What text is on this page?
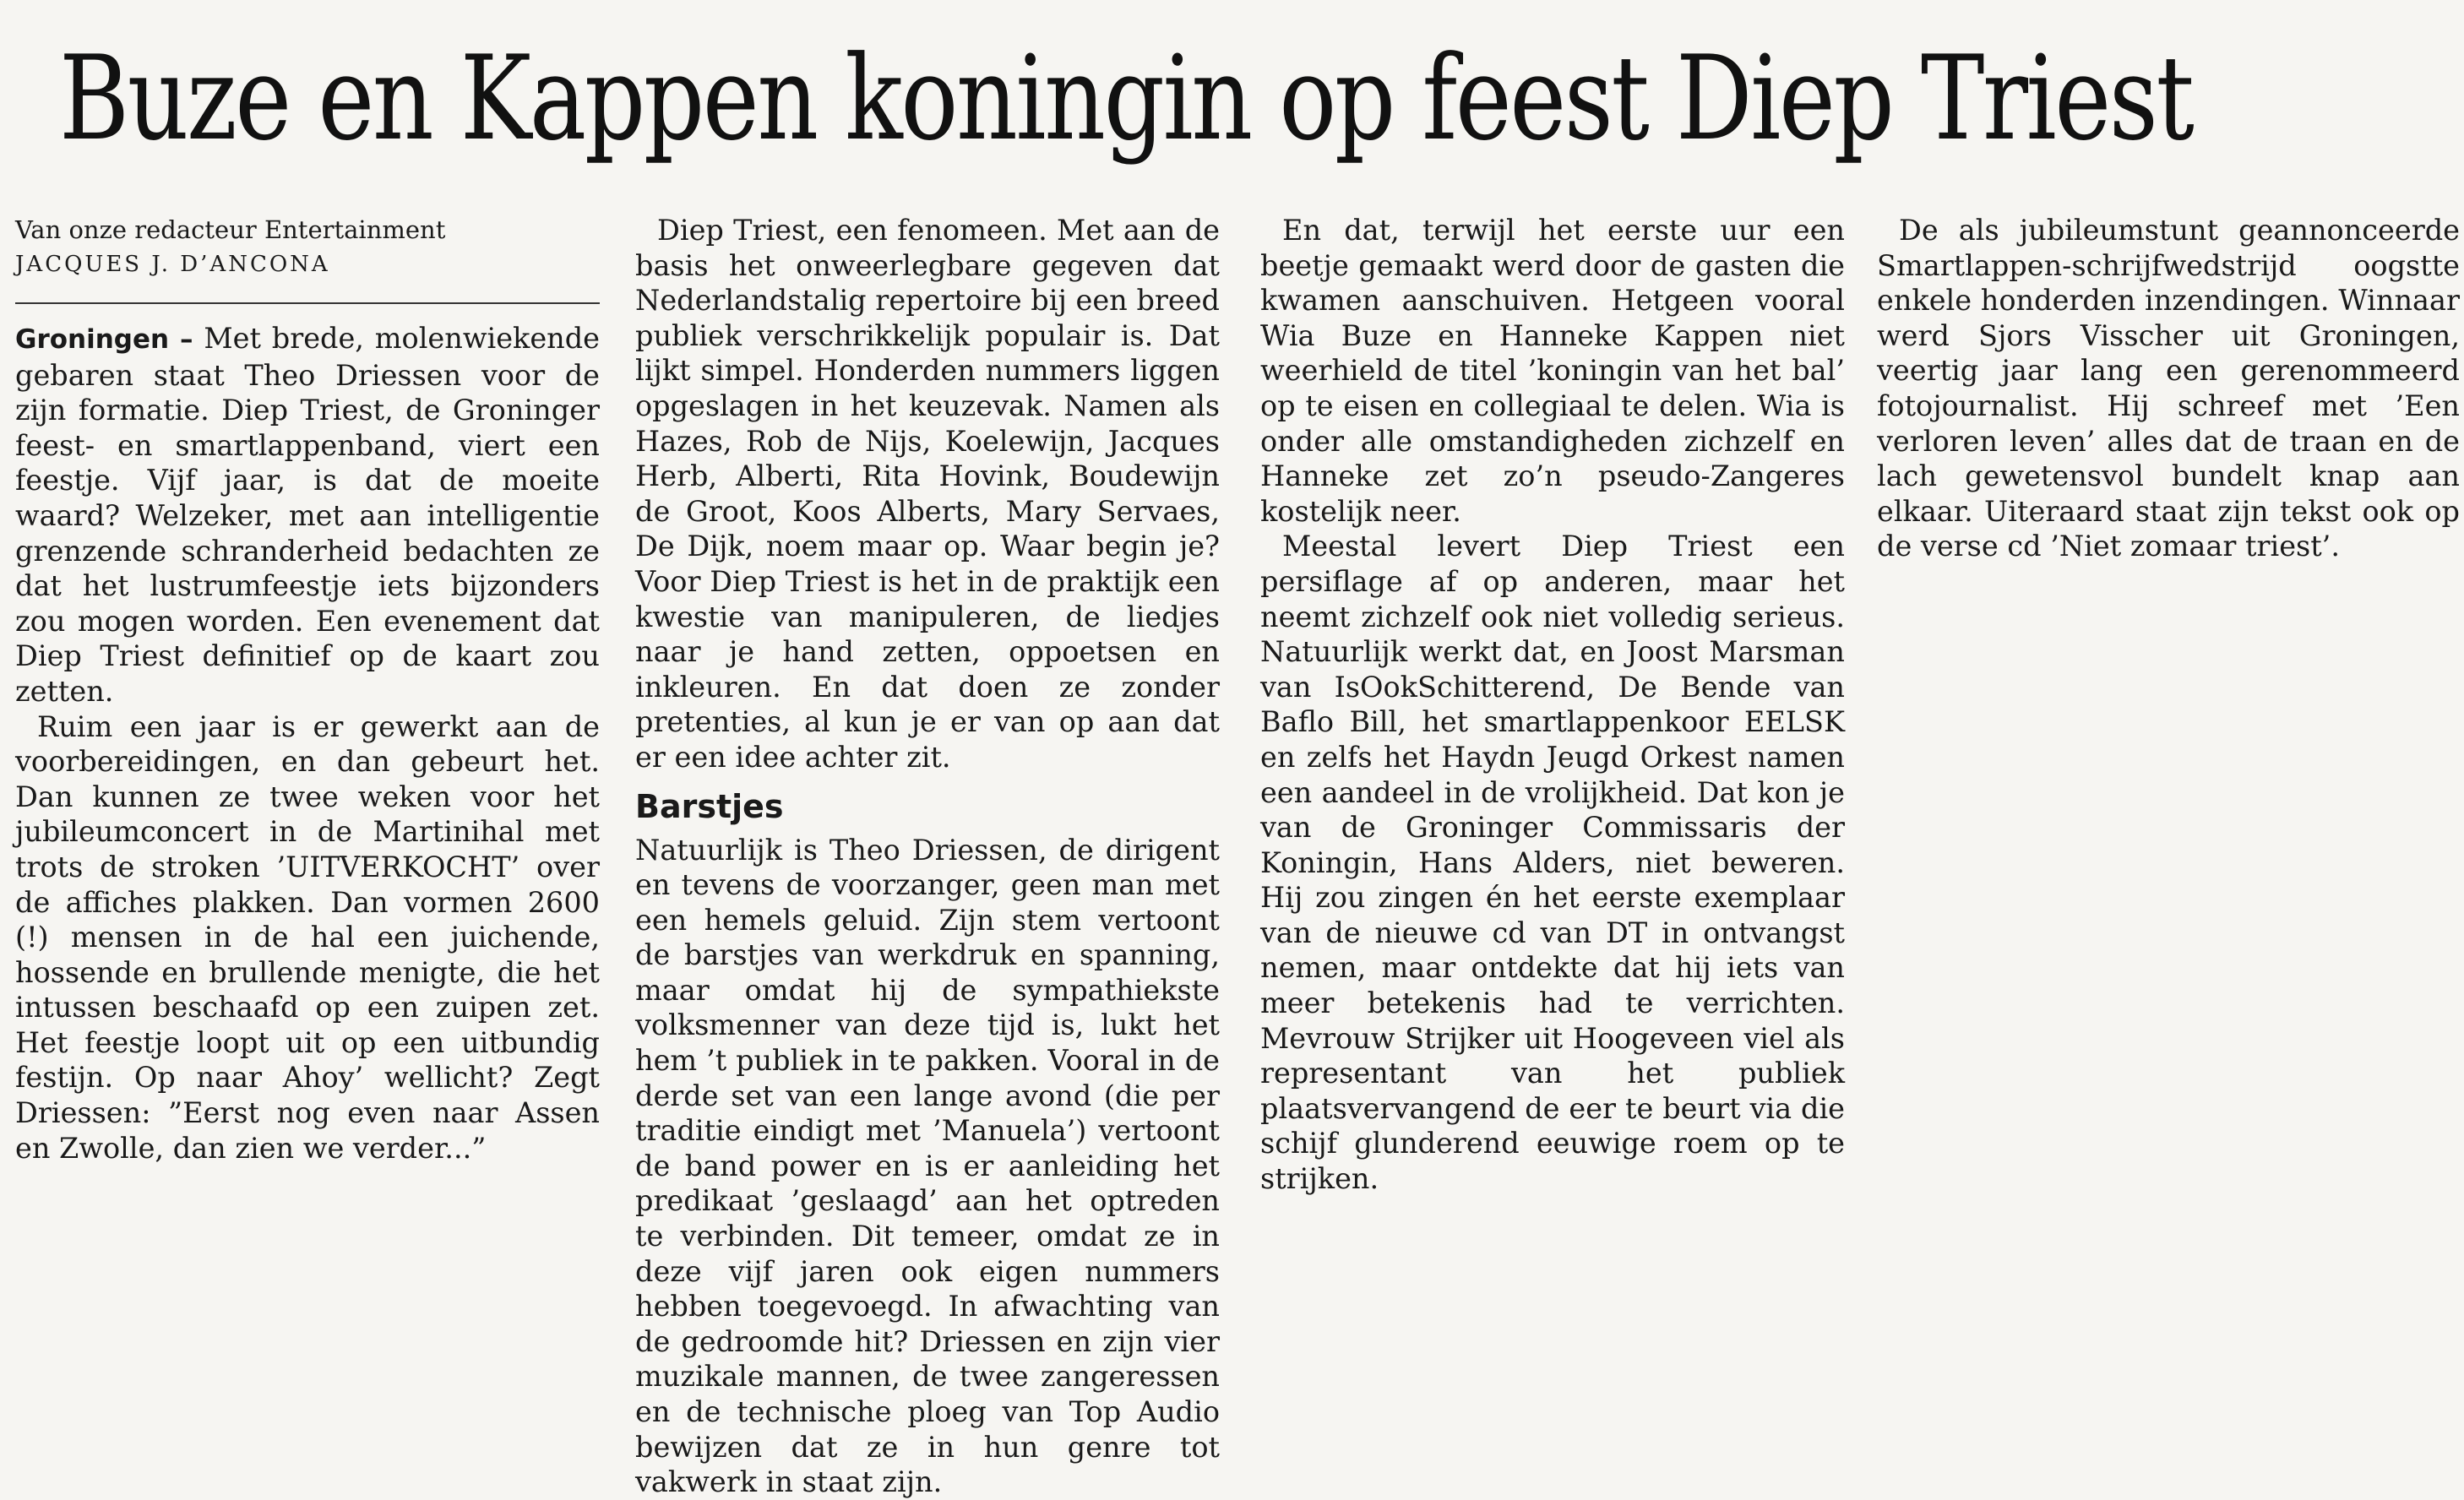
Buze en Kappen koningin op feest Diep Triest

Van onze redacteur Entertainment

JACQUES J. D’ANCONA

Groningen – Met brede, molenwiekende gebaren staat Theo Driessen voor de zijn formatie. Diep Triest, de Groninger feest- en smartlappenband, viert een feestje. Vijf jaar, is dat de moeite waard? Welzeker, met aan intelligentie grenzende schranderheid bedachten ze dat het lustrumfeestje iets bijzonders zou mogen worden. Een evenement dat Diep Triest definitief op de kaart zou zetten.

Ruim een jaar is er gewerkt aan de voorbereidingen, en dan gebeurt het. Dan kunnen ze twee weken voor het jubileumconcert in de Martinihal met trots de stroken ’UITVERKOCHT’ over de affiches plakken. Dan vormen 2600 (!) mensen in de hal een juichende, hossende en brullende menigte, die het intussen beschaafd op een zuipen zet. Het feestje loopt uit op een uitbundig festijn. Op naar Ahoy’ wellicht? Zegt Driessen: ”Eerst nog even naar Assen en Zwolle, dan zien we verder...”

Diep Triest, een fenomeen. Met aan de basis het onweerlegbare gegeven dat Nederlandstalig repertoire bij een breed publiek verschrikkelijk populair is. Dat lijkt simpel. Honderden nummers liggen opgeslagen in het keuzevak. Namen als Hazes, Rob de Nijs, Koelewijn, Jacques Herb, Alberti, Rita Hovink, Boudewijn de Groot, Koos Alberts, Mary Servaes, De Dijk, noem maar op. Waar begin je? Voor Diep Triest is het in de praktijk een kwestie van manipuleren, de liedjes naar je hand zetten, oppoetsen en inkleuren. En dat doen ze zonder pretenties, al kun je er van op aan dat er een idee achter zit.

Barstjes

Natuurlijk is Theo Driessen, de dirigent en tevens de voorzanger, geen man met een hemels geluid. Zijn stem vertoont de barstjes van werkdruk en spanning, maar omdat hij de sympathiekste volksmenner van deze tijd is, lukt het hem ’t publiek in te pakken. Vooral in de derde set van een lange avond (die per traditie eindigt met ’Manuela’) vertoont de band power en is er aanleiding het predikaat ’geslaagd’ aan het optreden te verbinden. Dit temeer, omdat ze in deze vijf jaren ook eigen nummers hebben toegevoegd. In afwachting van de gedroomde hit? Driessen en zijn vier muzikale mannen, de twee zangeressen en de technische ploeg van Top Audio bewijzen dat ze in hun genre tot vakwerk in staat zijn.

En dat, terwijl het eerste uur een beetje gemaakt werd door de gasten die kwamen aanschuiven. Hetgeen vooral Wia Buze en Hanneke Kappen niet weerhield de titel ’koningin van het bal’ op te eisen en collegiaal te delen. Wia is onder alle omstandigheden zichzelf en Hanneke zet zo’n pseudo-Zangeres kostelijk neer.

Meestal levert Diep Triest een persiflage af op anderen, maar het neemt zichzelf ook niet volledig serieus. Natuurlijk werkt dat, en Joost Marsman van IsOokSchitterend, De Bende van Baflo Bill, het smartlappenkoor EELSK en zelfs het Haydn Jeugd Orkest namen een aandeel in de vrolijkheid. Dat kon je van de Groninger Commissaris der Koningin, Hans Alders, niet beweren. Hij zou zingen én het eerste exemplaar van de nieuwe cd van DT in ontvangst nemen, maar ontdekte dat hij iets van meer betekenis had te verrichten. Mevrouw Strijker uit Hoogeveen viel als representant van het publiek plaatsvervangend de eer te beurt via die schijf glunderend eeuwige roem op te strijken.

De als jubileumstunt geannonceerde Smartlappen-schrijfwedstrijd oogstte enkele honderden inzendingen. Winnaar werd Sjors Visscher uit Groningen, veertig jaar lang een gerenommeerd fotojournalist. Hij schreef met ’Een verloren leven’ alles dat de traan en de lach gewetensvol bundelt knap aan elkaar. Uiteraard staat zijn tekst ook op de verse cd ’Niet zomaar triest’.
